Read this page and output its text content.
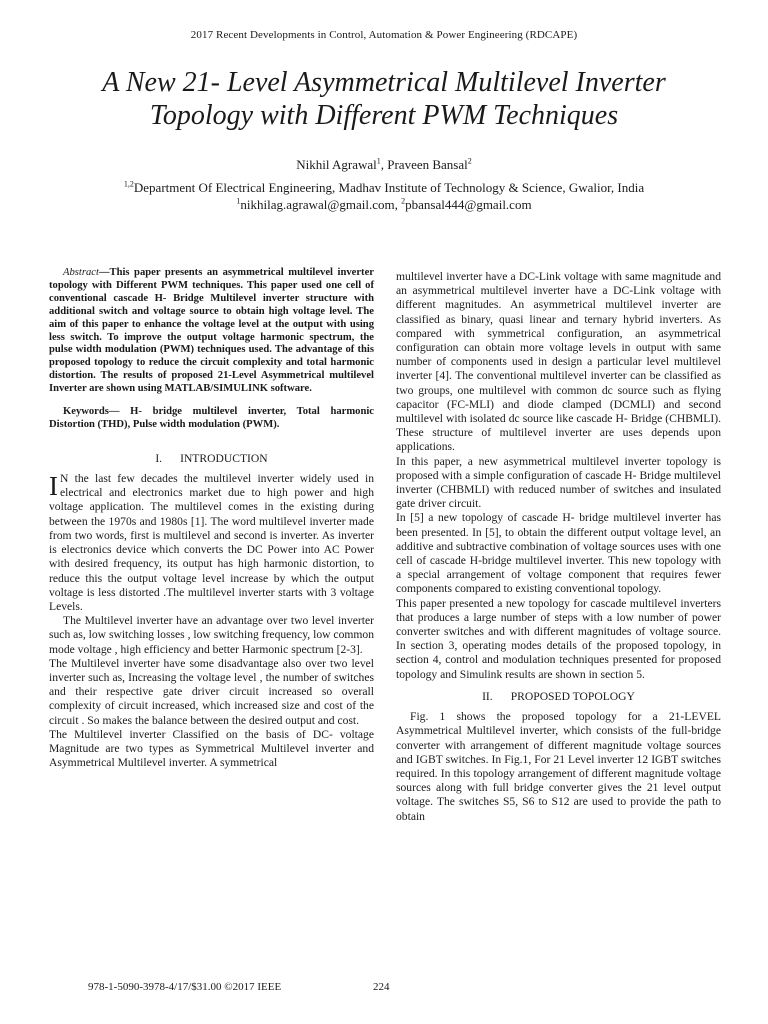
2017 Recent Developments in Control, Automation & Power Engineering (RDCAPE)
A New 21- Level Asymmetrical Multilevel Inverter
Topology with Different PWM Techniques
Nikhil Agrawal$^1$, Praveen Bansal$^2$
$^{1,2}$Department Of Electrical Engineering, Madhav Institute of Technology & Science, Gwalior, India
$^1$nikhilag.agrawal@gmail.com, $^2$pbansal444@gmail.com

Abstract—This paper presents an asymmetrical multilevel inverter topology with Different PWM techniques. This paper used one cell of conventional cascade H- Bridge Multilevel inverter structure with additional switch and voltage source to obtain high voltage level. The aim of this paper to enhance the voltage level at the output with using less switch. To improve the output voltage harmonic spectrum, the pulse width modulation (PWM) techniques used. The advantage of this proposed topology to reduce the circuit complexity and total harmonic distortion. The results of proposed 21-Level Asymmetrical multilevel Inverter are shown using MATLAB/SIMULINK software.

Keywords— H- bridge multilevel inverter, Total harmonic Distortion (THD), Pulse width modulation (PWM).

I. INTRODUCTION

I N the last few decades the multilevel inverter widely used in electrical and electronics market due to high power and high voltage application. The multilevel comes in the existing during between the 1970s and 1980s [1]. The word multilevel inverter made from two words, first is multilevel and second is inverter. As inverter is electronics device which converts the DC Power into AC Power with desired frequency, its output has high harmonic distortion, to reduce this the output voltage level increase by which the output voltage is less distorted .The multilevel inverter starts with 3 voltage Levels.

The Multilevel inverter have an advantage over two level inverter such as, low switching losses , low switching frequency, low common mode voltage , high efficiency and better Harmonic spectrum [2-3].

The Multilevel inverter have some disadvantage also over two level inverter such as, Increasing the voltage level , the number of switches and their respective gate driver circuit increased so overall complexity of circuit increased, which increased size and cost of the circuit . So makes the balance between the desired output and cost.

The Multilevel inverter Classified on the basis of DC- voltage Magnitude are two types as Symmetrical Multilevel inverter and Asymmetrical Multilevel inverter. A symmetrical

multilevel inverter have a DC-Link voltage with same magnitude and an asymmetrical multilevel inverter have a DC-Link voltage with different magnitudes. An asymmetrical multilevel inverter are classified as binary, quasi linear and ternary hybrid inverters. As compared with symmetrical configuration, an asymmetrical configuration can obtain more voltage levels in output with same number of components used in design a particular level multilevel inverter [4]. The conventional multilevel inverter can be classified as two groups, one multilevel with common dc source such as flying capacitor (FC-MLI) and diode clamped (DCMLI) and second multilevel with isolated dc source like cascade H- Bridge (CHBMLI). These structure of multilevel inverter are uses depends upon applications.

In this paper, a new asymmetrical multilevel inverter topology is proposed with a simple configuration of cascade H- Bridge multilevel inverter (CHBMLI) with reduced number of switches and insulated gate driver circuit.

In [5] a new topology of cascade H- bridge multilevel inverter has been presented. In [5], to obtain the different output voltage level, an additive and subtractive combination of voltage sources uses with one cell of cascade H-bridge multilevel inverter. This new topology with a special arrangement of voltage component that requires fewer components compared to existing conventional topology.

This paper presented a new topology for cascade multilevel inverters that produces a large number of steps with a low number of power converter switches and with different magnitudes of voltage source. In section 3, operating modes details of the proposed topology, in section 4, control and modulation techniques presented for proposed topology and Simulink results are shown in section 5.

II. PROPOSED TOPOLOGY

Fig. 1 shows the proposed topology for a 21-LEVEL Asymmetrical Multilevel inverter, which consists of the full-bridge converter with arrangement of different magnitude voltage sources and IGBT switches. In Fig.1, For 21 Level inverter 12 IGBT switches required. In this topology arrangement of different magnitude voltage sources along with full bridge converter gives the 21 level output voltage. The switches S5, S6 to S12 are used to provide the path to obtain

978-1-5090-3978-4/17/$31.00 ©2017 IEEE	224
